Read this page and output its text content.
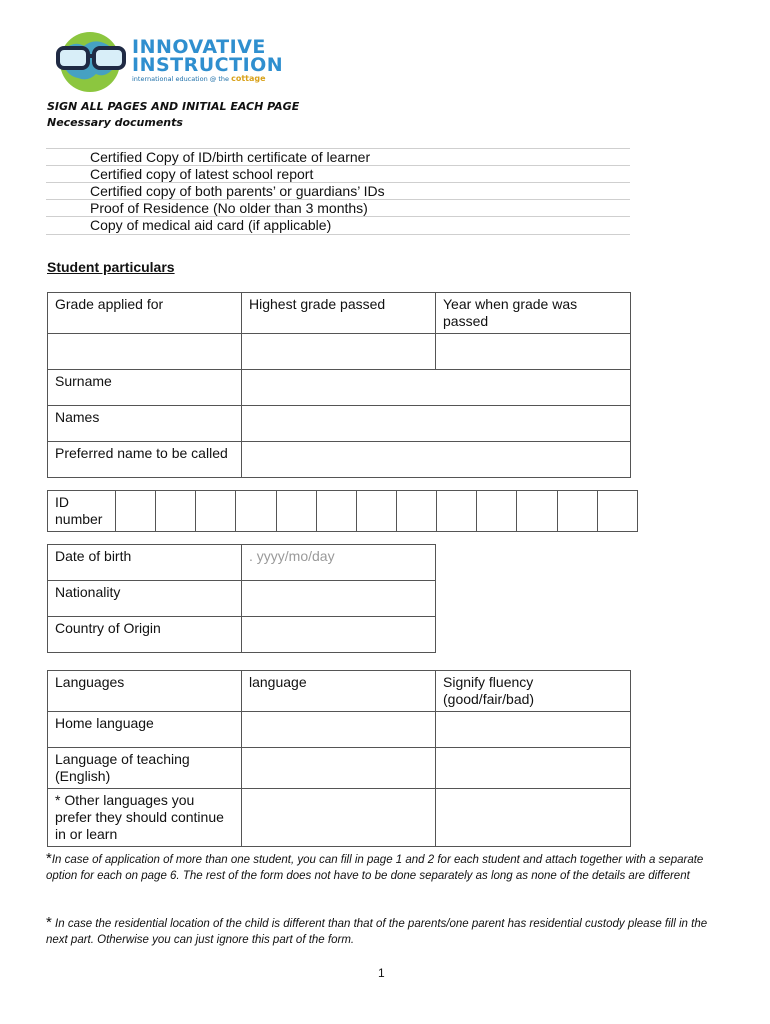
INNOVATIVE
INSTRUCTION
international education @ the cottage
SIGN ALL PAGES AND INITIAL EACH PAGE
Necessary documents
Certified Copy of ID/birth certificate of learner
Certified copy of latest school report
Certified copy of both parents’ or guardians’ IDs
Proof of Residence (No older than 3 months)
Copy of medical aid card (if applicable)
Student particulars
Grade applied for	Highest grade passed	Year when grade was passed

Surname		
Names		
Preferred name to be called		
ID number													
Date of birth	. yyyy/mo/day
Nationality	
Country of Origin	
Languages	language	Signify fluency (good/fair/bad)
Home language		
Language of teaching (English)		
* Other languages you prefer they should continue in or learn		
*In case of application of more than one student, you can fill in page 1 and 2 for each student and attach together with a separate option for each on page 6. The rest of the form does not have to be done separately as long as none of the details are different
* In case the residential location of the child is different than that of the parents/one parent has residential custody please fill in the next part. Otherwise you can just ignore this part of the form.
1
